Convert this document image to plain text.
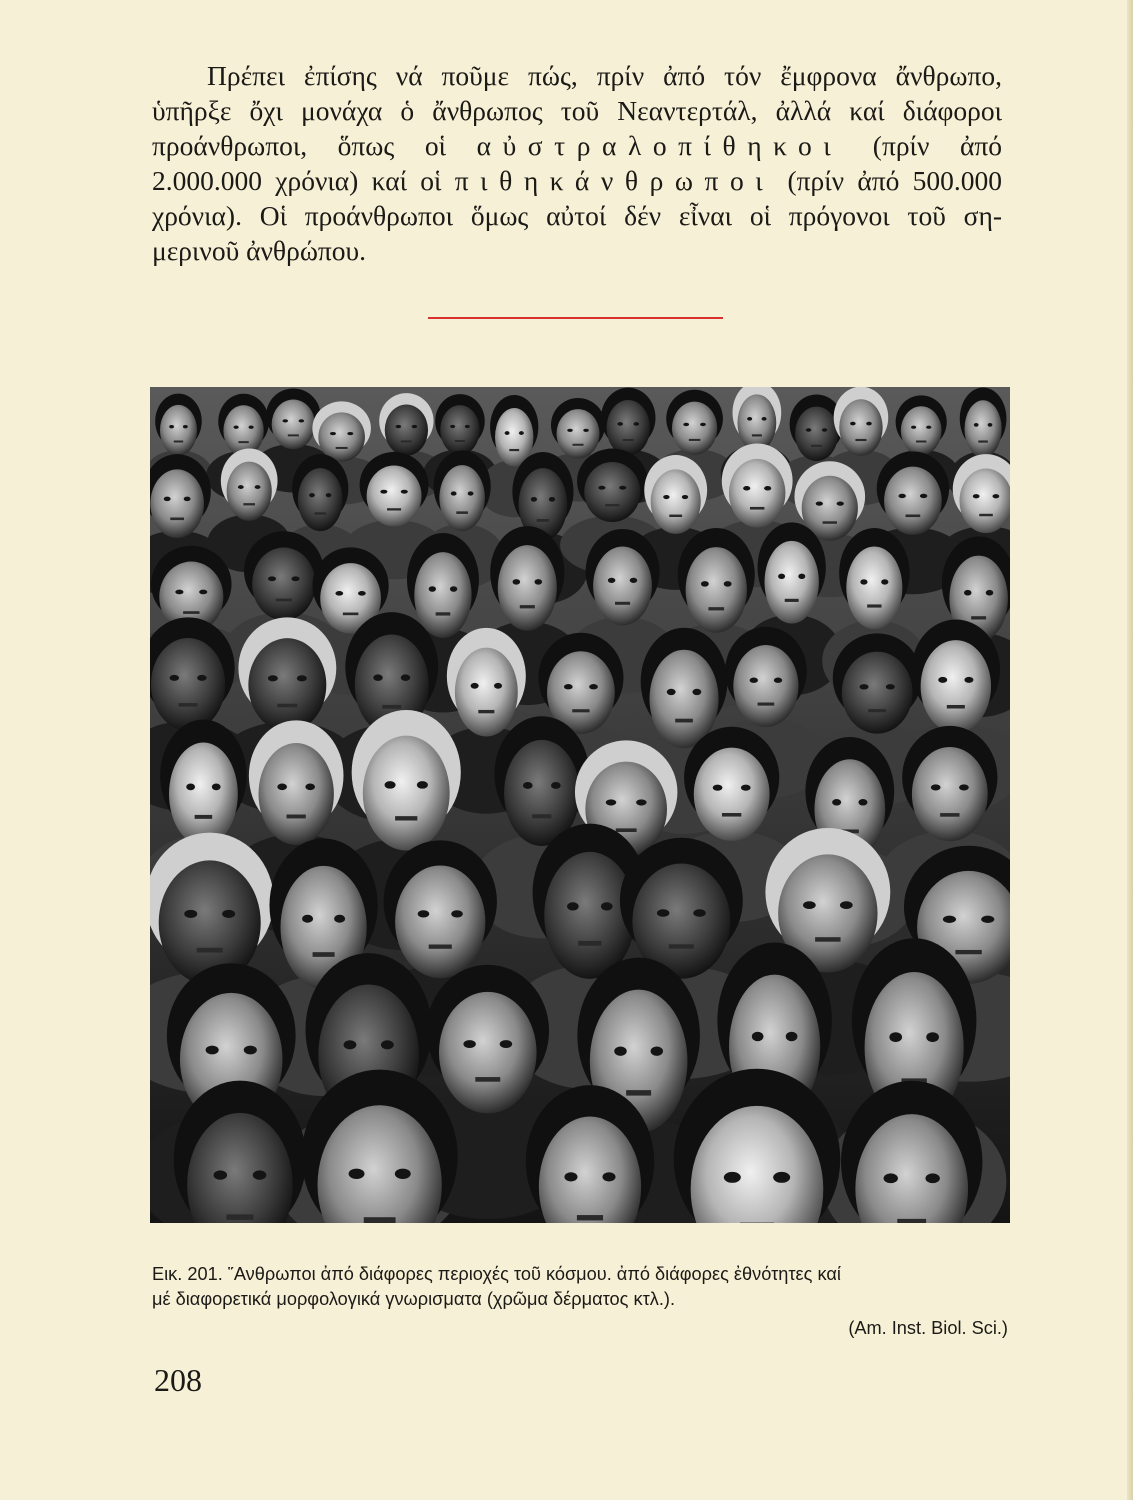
Πρέπει ἐπίσης νά ποῦμε πώς, πρίν ἀπό τόν ἔμφρονα ἄνθρωπο,
ὑπῆρξε ὄχι μονάχα ὁ ἄνθρωπος τοῦ Νεαντερτάλ, ἀλλά καί διάφοροι
προάνθρωποι, ὅπως οἱ αὐστραλοπίθηκοι (πρίν ἀπό
2.000.000 χρόνια) καί οἱ πιθηκάνθρωποι (πρίν ἀπό 500.000
χρόνια). Οἱ προάνθρωποι ὅμως αὐτοί δέν εἶναι οἱ πρόγονοι τοῦ ση-
μερινοῦ ἀνθρώπου.
Εικ. 201. ῞Ανθρωποι ἀπό διάφορες περιοχές τοῦ κόσμου. ἀπό διάφορες ἐθνότητες καί
μέ διαφορετικά μορφολογικά γνωρισματα (χρῶμα δέρματος κτλ.).
(Am. Inst. Biol. Sci.)
208
